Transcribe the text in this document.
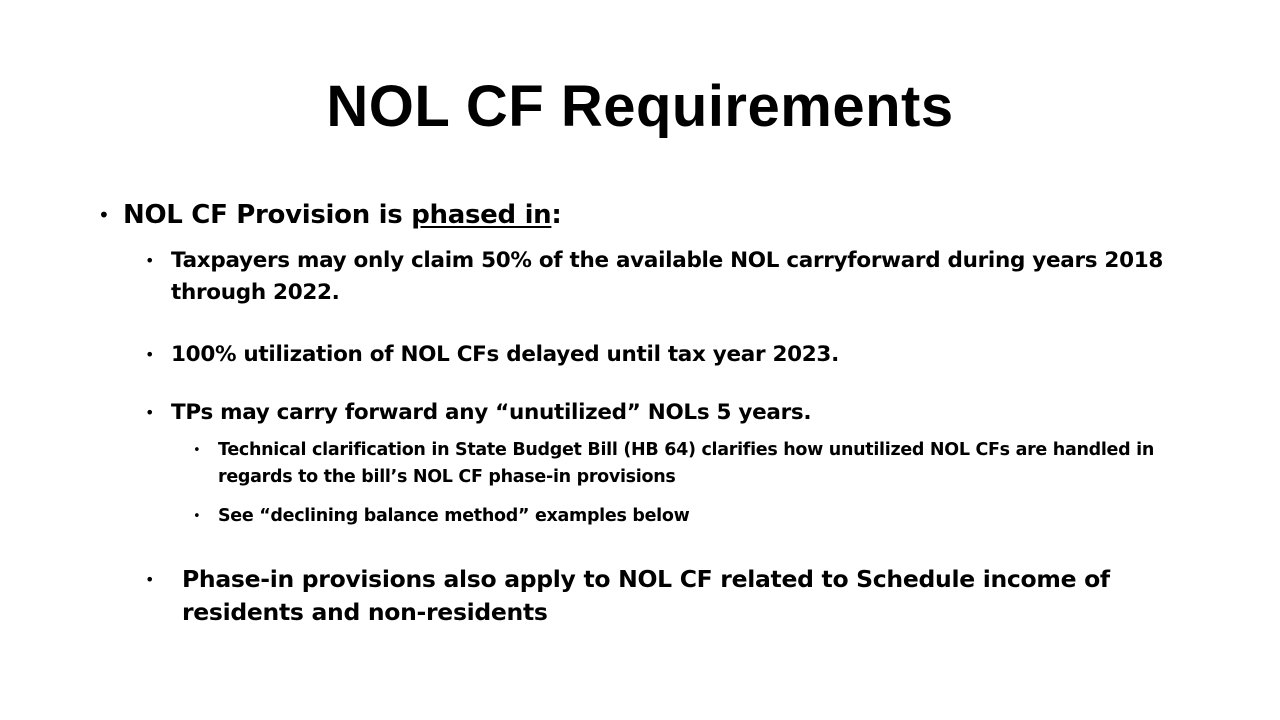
NOL CF Requirements
• NOL CF Provision is phased in:
• Taxpayers may only claim 50% of the available NOL carryforward during years 2018 through 2022.
• 100% utilization of NOL CFs delayed until tax year 2023.
• TPs may carry forward any “unutilized” NOLs 5 years.
• Technical clarification in State Budget Bill (HB 64) clarifies how unutilized NOL CFs are handled in regards to the bill’s NOL CF phase-in provisions
• See “declining balance method” examples below
• Phase-in provisions also apply to NOL CF related to Schedule income of residents and non-residents
